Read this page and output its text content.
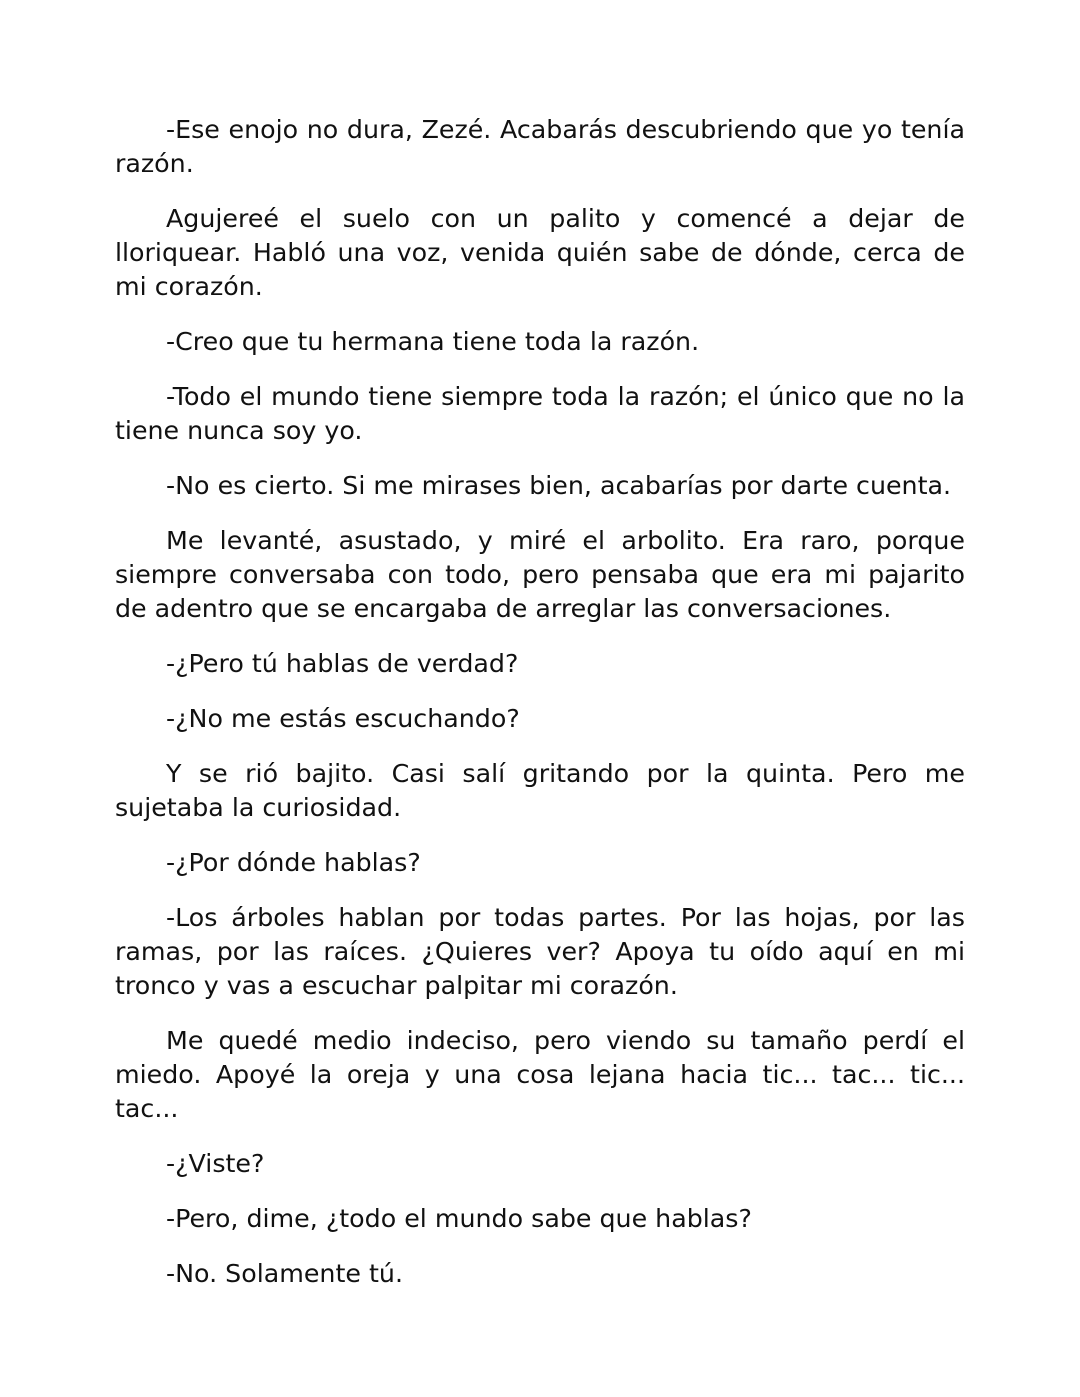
-Ese enojo no dura, Zezé. Acabarás descubriendo que yo tenía razón.

Agujereé el suelo con un palito y comencé a dejar de lloriquear. Habló una voz, venida quién sabe de dónde, cerca de mi corazón.

-Creo que tu hermana tiene toda la razón.

-Todo el mundo tiene siempre toda la razón; el único que no la tiene nunca soy yo.

-No es cierto. Si me mirases bien, acabarías por darte cuenta.

Me levanté, asustado, y miré el arbolito. Era raro, porque siempre conversaba con todo, pero pensaba que era mi pajarito de adentro que se encargaba de arreglar las conversaciones.

-¿Pero tú hablas de verdad?

-¿No me estás escuchando?

Y se rió bajito. Casi salí gritando por la quinta. Pero me sujetaba la curiosidad.

-¿Por dónde hablas?

-Los árboles hablan por todas partes. Por las hojas, por las ramas, por las raíces. ¿Quieres ver? Apoya tu oído aquí en mi tronco y vas a escuchar palpitar mi corazón.

Me quedé medio indeciso, pero viendo su tamaño perdí el miedo. Apoyé la oreja y una cosa lejana hacia tic... tac... tic... tac...

-¿Viste?

-Pero, dime, ¿todo el mundo sabe que hablas?

-No. Solamente tú.
